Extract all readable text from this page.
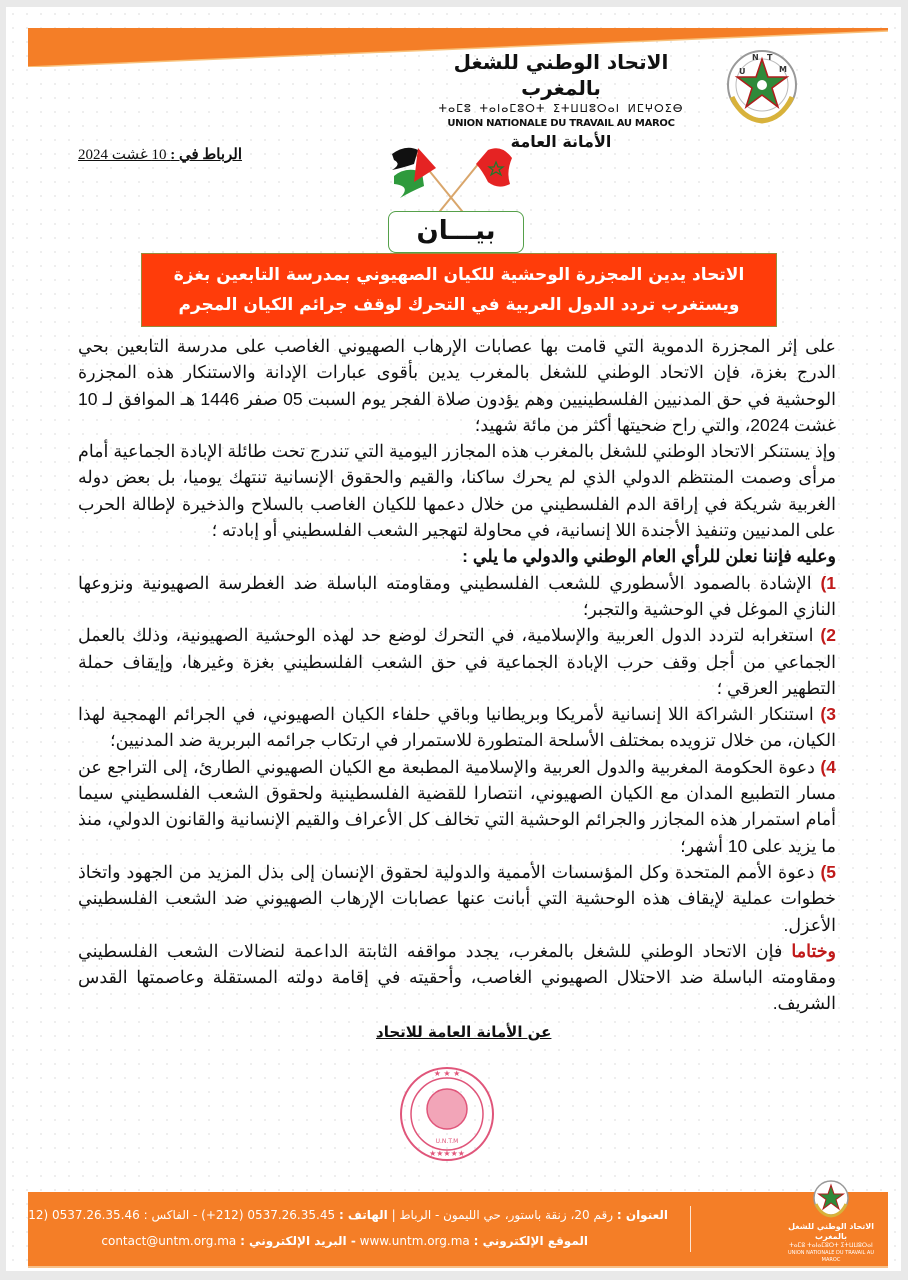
الاتحاد الوطني للشغل بالمغرب
ⵜⴰⵎⵓ ⵜⴰⵏⴰⵎⵓⵔⵜ ⵉⵜⵡⵡⵓⵔⴰⵏ ⵍⵎⵖⵔⵉⴱ
UNION NATIONALE DU TRAVAIL AU MAROC
الأمانة العامة
U
N T
M
الرباط في : 10 غشت 2024
بيـــان
الاتحاد يدين المجزرة الوحشية للكيان الصهيوني بمدرسة التابعين بغزة
ويستغرب تردد الدول العربية في التحرك لوقف جرائم الكيان المجرم

على إثر المجزرة الدموية التي قامت بها عصابات الإرهاب الصهيوني الغاصب على مدرسة التابعين بحي الدرج بغزة، فإن الاتحاد الوطني للشغل بالمغرب يدين بأقوى عبارات الإدانة والاستنكار هذه المجزرة الوحشية في حق المدنيين الفلسطينيين وهم يؤدون صلاة الفجر يوم السبت 05 صفر 1446 هـ الموافق لـ 10 غشت 2024، والتي راح ضحيتها أكثر من مائة شهيد؛

وإذ يستنكر الاتحاد الوطني للشغل بالمغرب هذه المجازر اليومية التي تندرج تحت طائلة الإبادة الجماعية أمام مرأى وصمت المنتظم الدولي الذي لم يحرك ساكنا، والقيم والحقوق الإنسانية تنتهك يوميا، بل بعض دوله الغربية شريكة في إراقة الدم الفلسطيني من خلال دعمها للكيان الغاصب بالسلاح والذخيرة لإطالة الحرب على المدنيين وتنفيذ الأجندة اللا إنسانية، في محاولة لتهجير الشعب الفلسطيني أو إبادته ؛

وعليه فإننا نعلن للرأي العام الوطني والدولي ما يلي :

1) الإشادة بالصمود الأسطوري للشعب الفلسطيني ومقاومته الباسلة ضد الغطرسة الصهيونية ونزوعها النازي الموغل في الوحشية والتجبر؛

2) استغرابه لتردد الدول العربية والإسلامية، في التحرك لوضع حد لهذه الوحشية الصهيونية، وذلك بالعمل الجماعي من أجل وقف حرب الإبادة الجماعية في حق الشعب الفلسطيني بغزة وغيرها، وإيقاف حملة التطهير العرقي ؛

3) استنكار الشراكة اللا إنسانية لأمريكا وبريطانيا وباقي حلفاء الكيان الصهيوني، في الجرائم الهمجية لهذا الكيان، من خلال تزويده بمختلف الأسلحة المتطورة للاستمرار في ارتكاب جرائمه البربرية ضد المدنيين؛

4) دعوة الحكومة المغربية والدول العربية والإسلامية المطبعة مع الكيان الصهيوني الطارئ، إلى التراجع عن مسار التطبيع المدان مع الكيان الصهيوني، انتصارا للقضية الفلسطينية ولحقوق الشعب الفلسطيني سيما أمام استمرار هذه المجازر والجرائم الوحشية التي تخالف كل الأعراف والقيم الإنسانية والقانون الدولي، منذ ما يزيد على 10 أشهر؛

5) دعوة الأمم المتحدة وكل المؤسسات الأممية والدولية لحقوق الإنسان إلى بذل المزيد من الجهود واتخاذ خطوات عملية لإيقاف هذه الوحشية التي أبانت عنها عصابات الإرهاب الصهيوني ضد الشعب الفلسطيني الأعزل.

وختاما فإن الاتحاد الوطني للشغل بالمغرب، يجدد مواقفه الثابتة الداعمة لنضالات الشعب الفلسطيني ومقاومته الباسلة ضد الاحتلال الصهيوني الغاصب، وأحقيته في إقامة دولته المستقلة وعاصمتها القدس الشريف.

عن الأمانة العامة للاتحاد
★ ★ ★
U.N.T.M
★★★★★
العنوان : رقم 20، زنقة باستور، حي الليمون - الرباط | الهاتف : 0537.26.35.45 (212+) - الفاكس : 0537.26.35.46 (212+)
الموقع الإلكتروني : www.untm.org.ma - البريد الإلكتروني : contact@untm.org.ma
الاتحاد الوطني للشغل بالمغرب
ⵜⴰⵎⵓ ⵜⴰⵏⴰⵎⵓⵔⵜ ⵉⵜⵡⵡⵓⵔⴰⵏ
UNION NATIONALE DU TRAVAIL AU MAROC
